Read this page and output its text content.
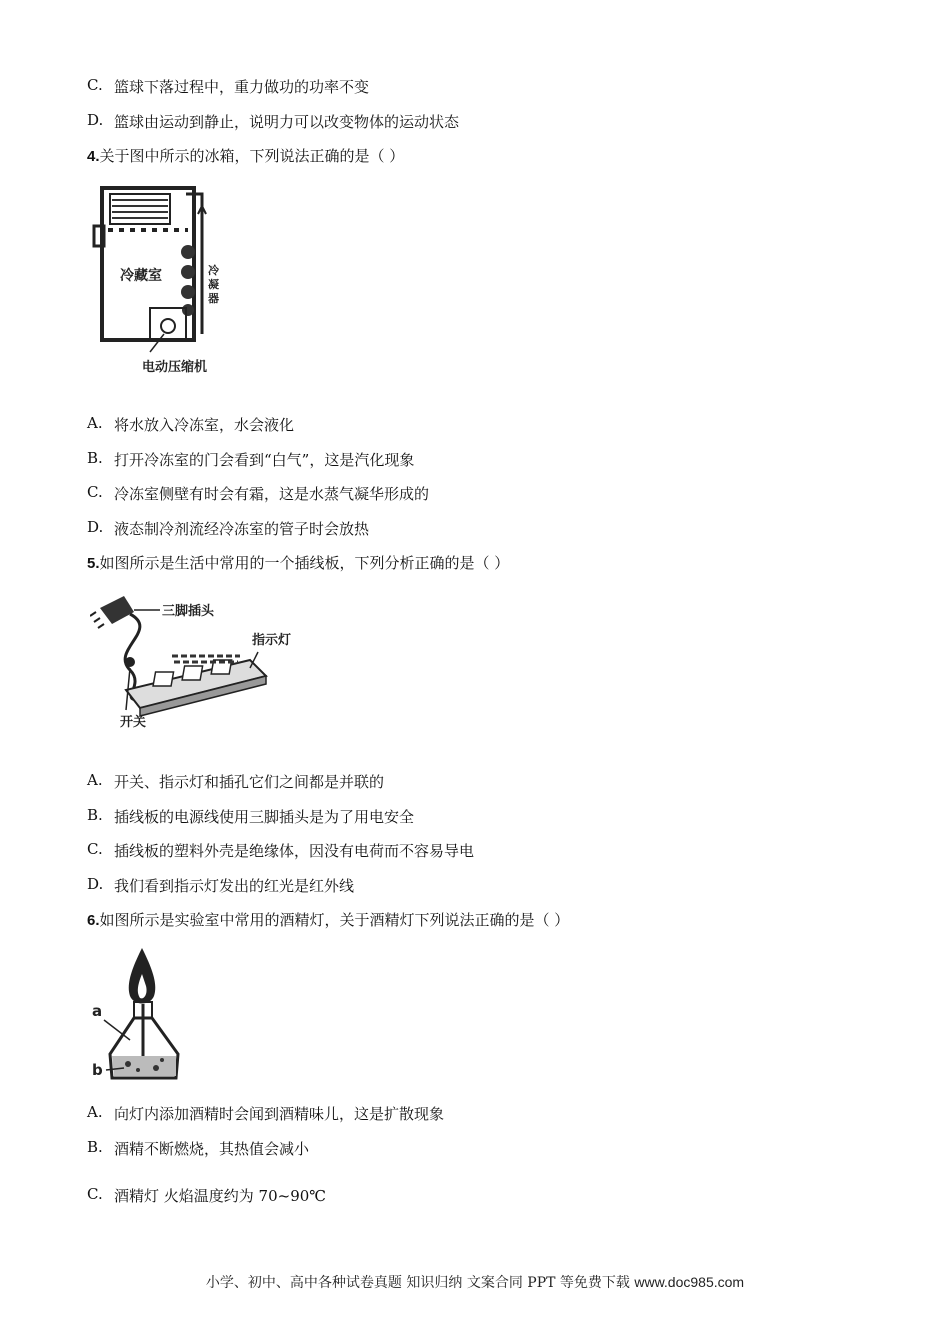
C. 篮球下落过程中，重力做功的功率不变
D. 篮球由运动到静止，说明力可以改变物体的运动状态
4.关于图中所示的冰箱，下列说法正确的是（ ）
冷藏室	冷
凝
器
电动压缩机
A. 将水放入冷冻室，水会液化
B. 打开冷冻室的门会看到“白气”，这是汽化现象
C. 冷冻室侧壁有时会有霜，这是水蒸气凝华形成的
D. 液态制冷剂流经冷冻室的管子时会放热
5.如图所示是生活中常用的一个插线板，下列分析正确的是（ ）
三脚插头
开关
指示灯
A. 开关、指示灯和插孔它们之间都是并联的
B. 插线板的电源线使用三脚插头是为了用电安全
C. 插线板的塑料外壳是绝缘体，因没有电荷而不容易导电
D. 我们看到指示灯发出的红光是红外线
6.如图所示是实验室中常用的酒精灯，关于酒精灯下列说法正确的是（ ）
a
b
A. 向灯内添加酒精时会闻到酒精味儿，这是扩散现象
B. 酒精不断燃烧，其热值会减小
C. 酒精灯 火焰温度约为 70~90℃
小学、初中、高中各种试卷真题 知识归纳 文案合同 PPT 等免费下载 www.doc985.com
